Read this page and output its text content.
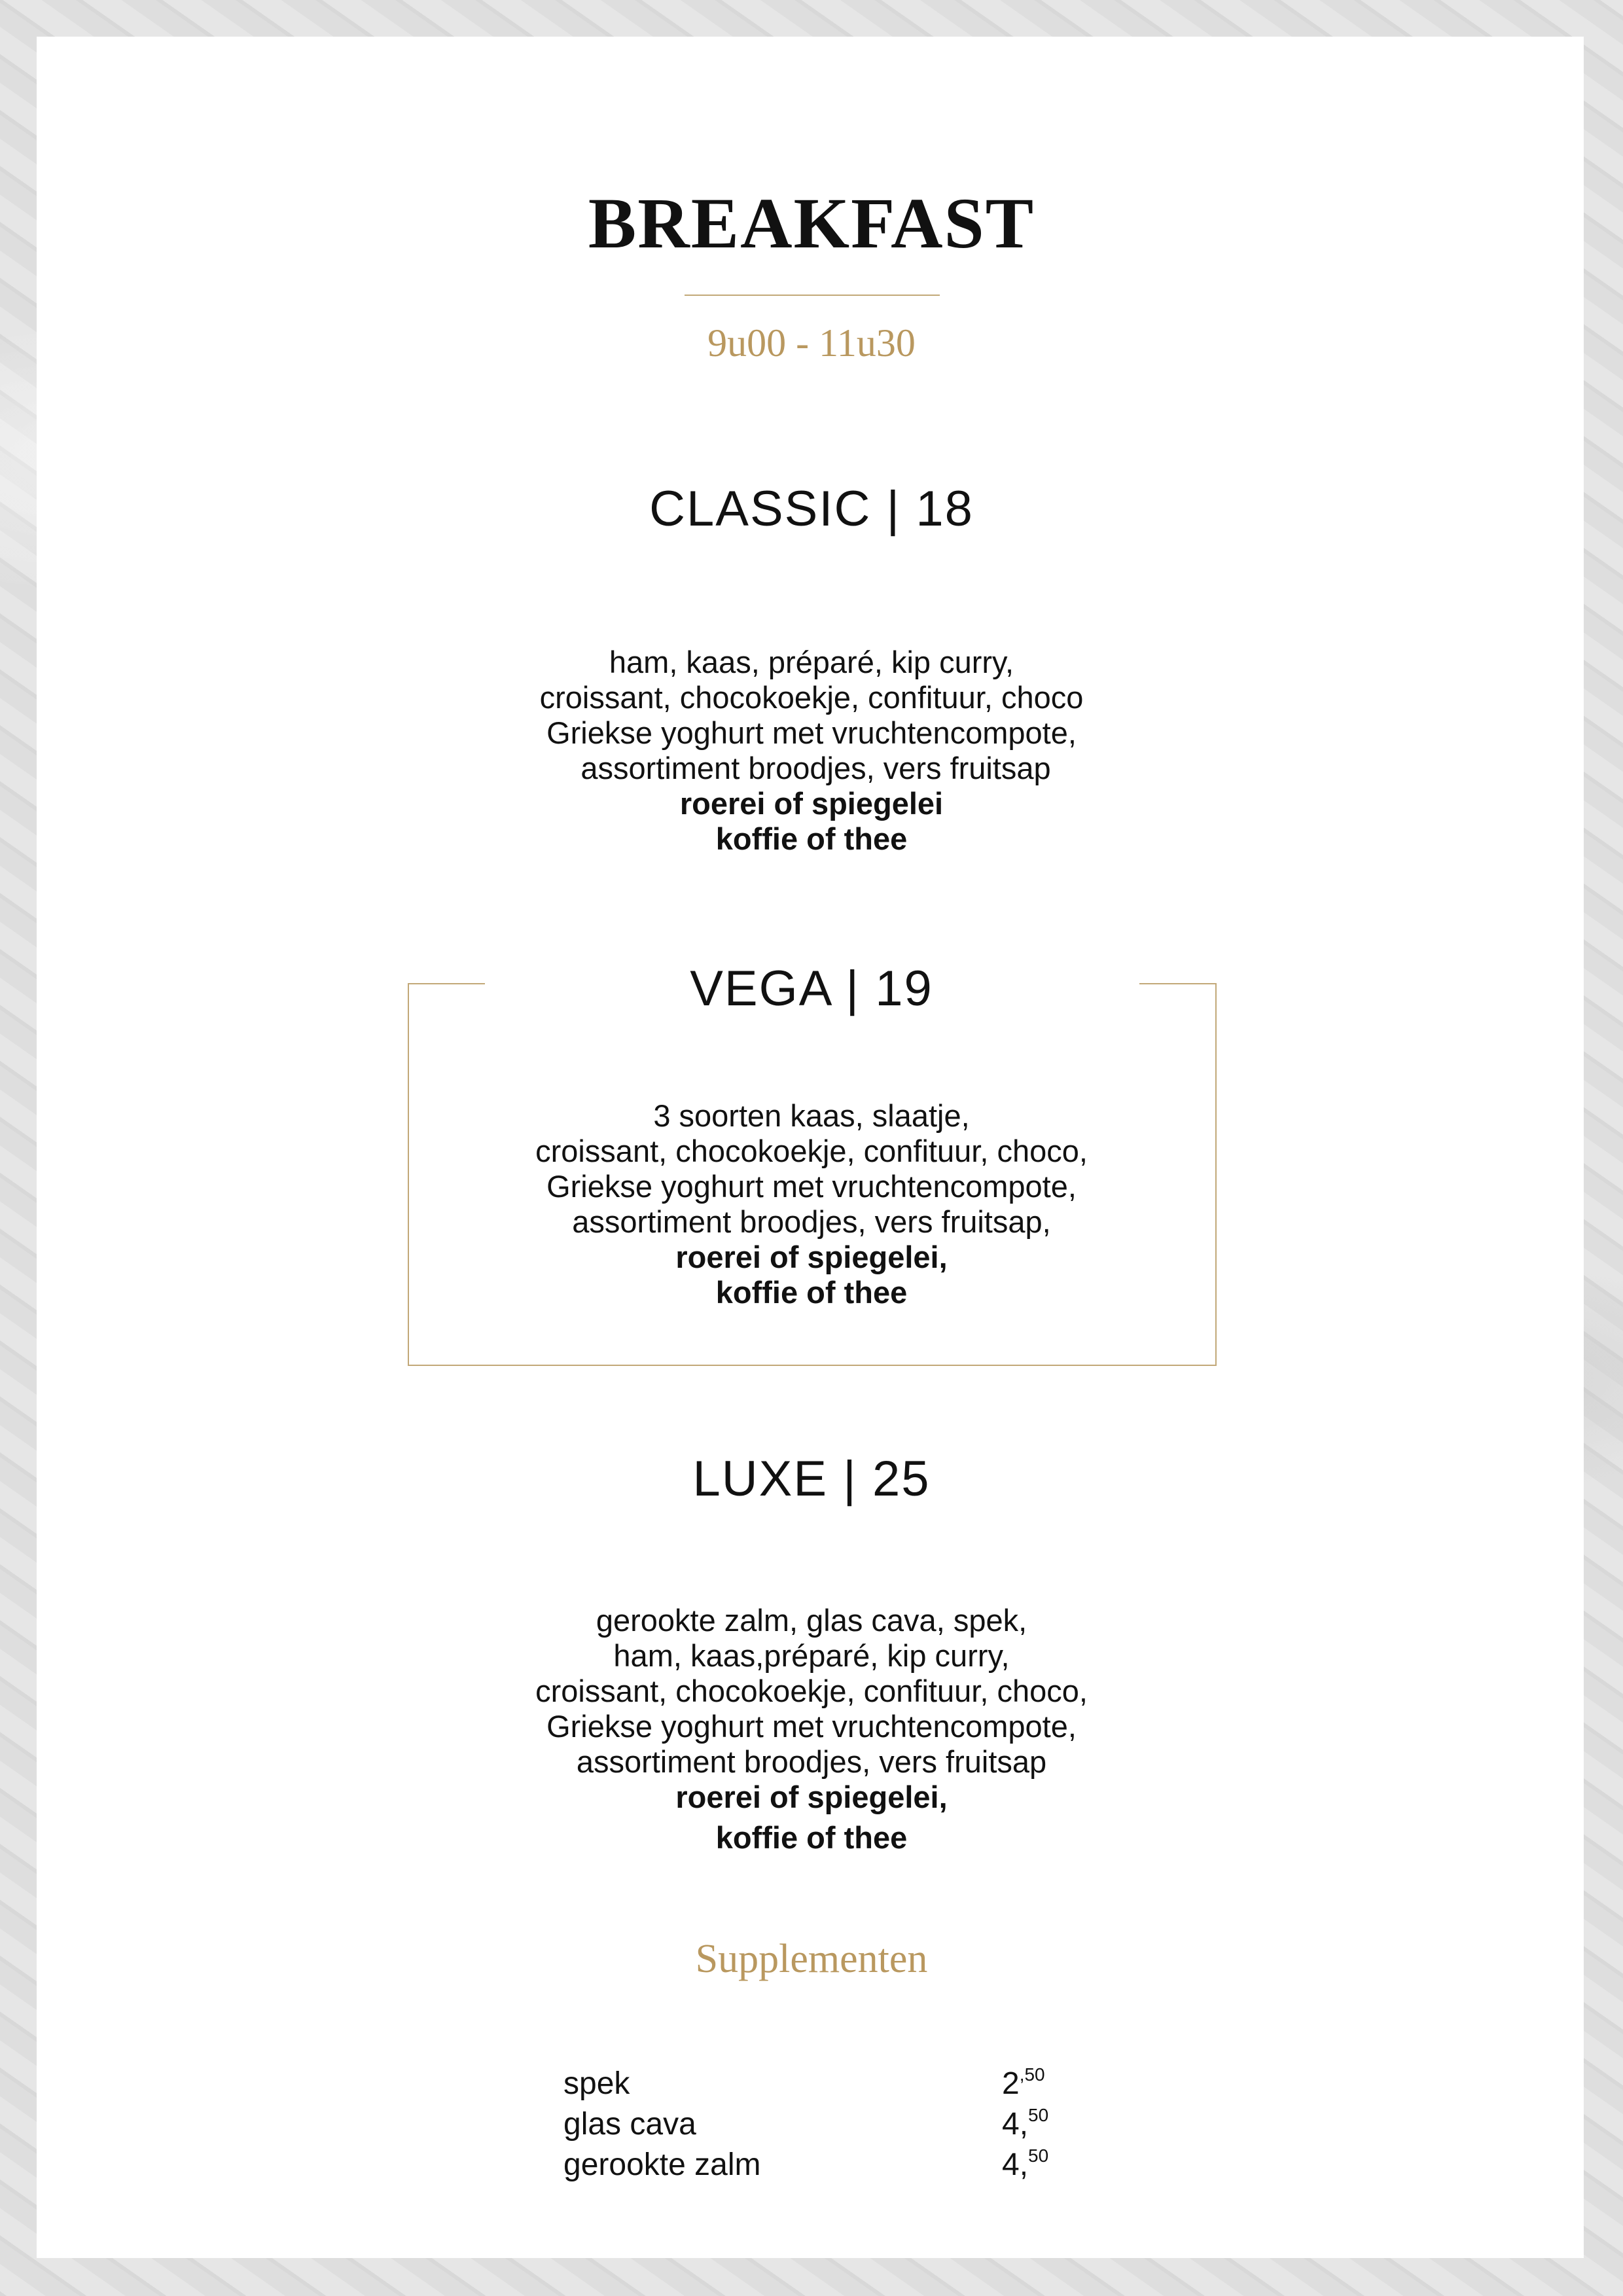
BREAKFAST
9u00 - 11u30
CLASSIC | 18
ham, kaas, préparé, kip curry,
croissant, chocokoekje, confituur, choco
Griekse yoghurt met vruchtencompote,
assortiment broodjes, vers fruitsap
roerei of spiegelei
koffie of thee
VEGA | 19
3 soorten kaas, slaatje,
croissant, chocokoekje, confituur, choco,
Griekse yoghurt met vruchtencompote,
assortiment broodjes, vers fruitsap,
roerei of spiegelei,
koffie of thee
LUXE | 25
gerookte zalm, glas cava, spek,
ham, kaas,préparé, kip curry,
croissant, chocokoekje, confituur, choco,
Griekse yoghurt met vruchtencompote,
assortiment broodjes, vers fruitsap
roerei of spiegelei,
koffie of thee
Supplementen
spek	$2^{,50}$
glas cava	4,50
gerookte zalm	4,50
